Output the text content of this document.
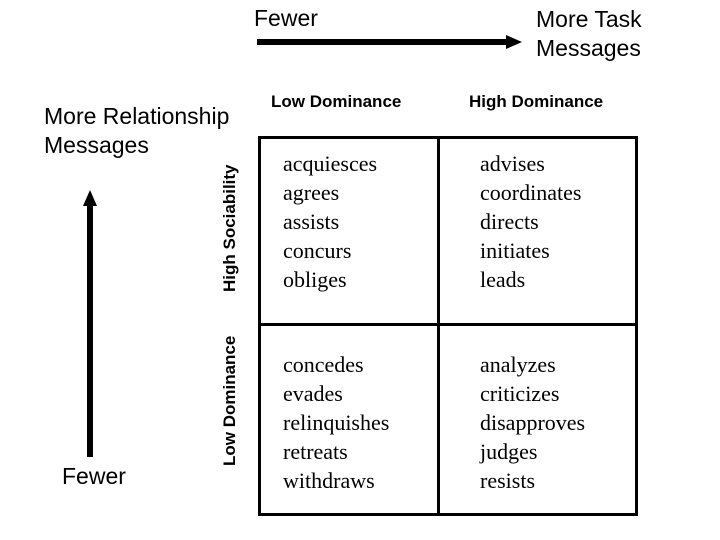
Fewer	More Task
Messages
More Relationship
Messages
Fewer
Low Dominance	High Dominance
High Sociability
Low Dominance
acquiesces
agrees
assists
concurs
obliges
advises
coordinates
directs
initiates
leads
concedes
evades
relinquishes
retreats
withdraws
analyzes
criticizes
disapproves
judges
resists
